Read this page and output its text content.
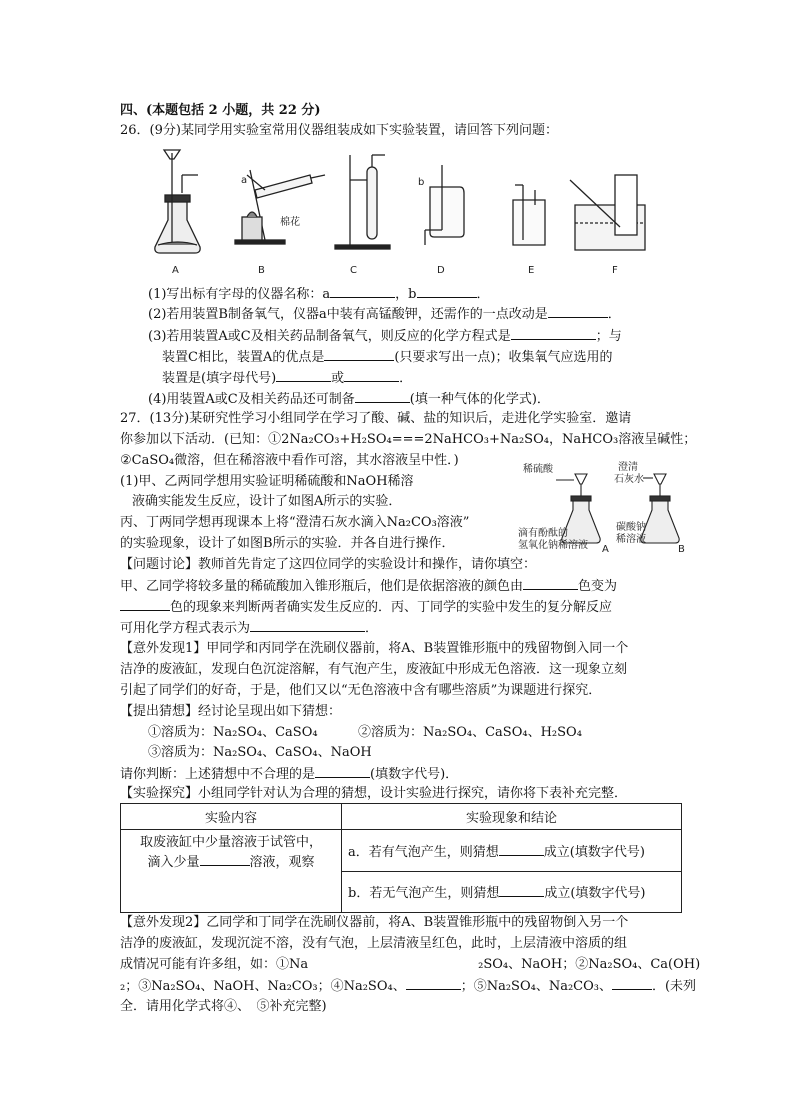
四、(本题包括 2 小题，共 22 分)
26．(9分)某同学用实验室常用仪器组装成如下实验装置，请回答下列问题：
A	B	C	D	E	F
a	b
棉花
(1)写出标有字母的仪器名称：a	，b	．
(2)若用装置B制备氧气，仪器a中装有高锰酸钾，还需作的一点改动是	．
(3)若用装置A或C及相关药品制备氧气，则反应的化学方程式是	；与
装置C相比，装置A的优点是	(只要求写出一点)；收集氧气应选用的
装置是(填字母代号)	或	．
(4)用装置A或C及相关药品还可制备	(填一种气体的化学式)．
27．(13分)某研究性学习小组同学在学习了酸、碱、盐的知识后，走进化学实验室．邀请
你参加以下活动．(已知：①2Na₂CO₃+H₂SO₄===2NaHCO₃+Na₂SO₄，NaHCO₃溶液呈碱性；
②CaSO₄微溶，但在稀溶液中看作可溶，其水溶液呈中性．)
(1)甲、乙两同学想用实验证明稀硫酸和NaOH稀溶
液确实能发生反应，设计了如图A所示的实验．
丙、丁两同学想再现课本上将“澄清石灰水滴入Na₂CO₃溶液”
的实验现象，设计了如图B所示的实验．并各自进行操作．
稀硫酸	澄清
石灰水
滴有酚酞的
氢氧化钠稀溶液
碳酸钠
稀溶液
A	B
【问题讨论】教师首先肯定了这四位同学的实验设计和操作，请你填空：
甲、乙同学将较多量的稀硫酸加入锥形瓶后，他们是依据溶液的颜色由	色变为
色的现象来判断两者确实发生反应的．丙、丁同学的实验中发生的复分解反应
可用化学方程式表示为	．
【意外发现1】甲同学和丙同学在洗刷仪器前，将A、B装置锥形瓶中的残留物倒入同一个
洁净的废液缸，发现白色沉淀溶解，有气泡产生，废液缸中形成无色溶液．这一现象立刻
引起了同学们的好奇，于是，他们又以“无色溶液中含有哪些溶质”为课题进行探究．
【提出猜想】经讨论呈现出如下猜想：
①溶质为：Na₂SO₄、CaSO₄	②溶质为：Na₂SO₄、CaSO₄、H₂SO₄
③溶质为：Na₂SO₄、CaSO₄、NaOH
请你判断：上述猜想中不合理的是	(填数字代号)．
【实验探究】小组同学针对认为合理的猜想，设计实验进行探究，请你将下表补充完整．
实验内容	实验现象和结论

取废液缸中少量溶液于试管中，
滴入少量 溶液，观察	a．若有气泡产生，则猜想 成立(填数字代号)
	b．若无气泡产生，则猜想 成立(填数字代号)
【意外发现2】乙同学和丁同学在洗刷仪器前，将A、B装置锥形瓶中的残留物倒入另一个
洁净的废液缸，发现沉淀不溶，没有气泡，上层清液呈红色，此时，上层清液中溶质的组
成情况可能有许多组，如：①Na	₂SO₄、NaOH；②Na₂SO₄、Ca(OH)
₂；③Na₂SO₄、NaOH、Na₂CO₃；④Na₂SO₄、	；⑤Na₂SO₄、Na₂CO₃、	．(未列
全．请用化学式将④、　⑤补充完整)
